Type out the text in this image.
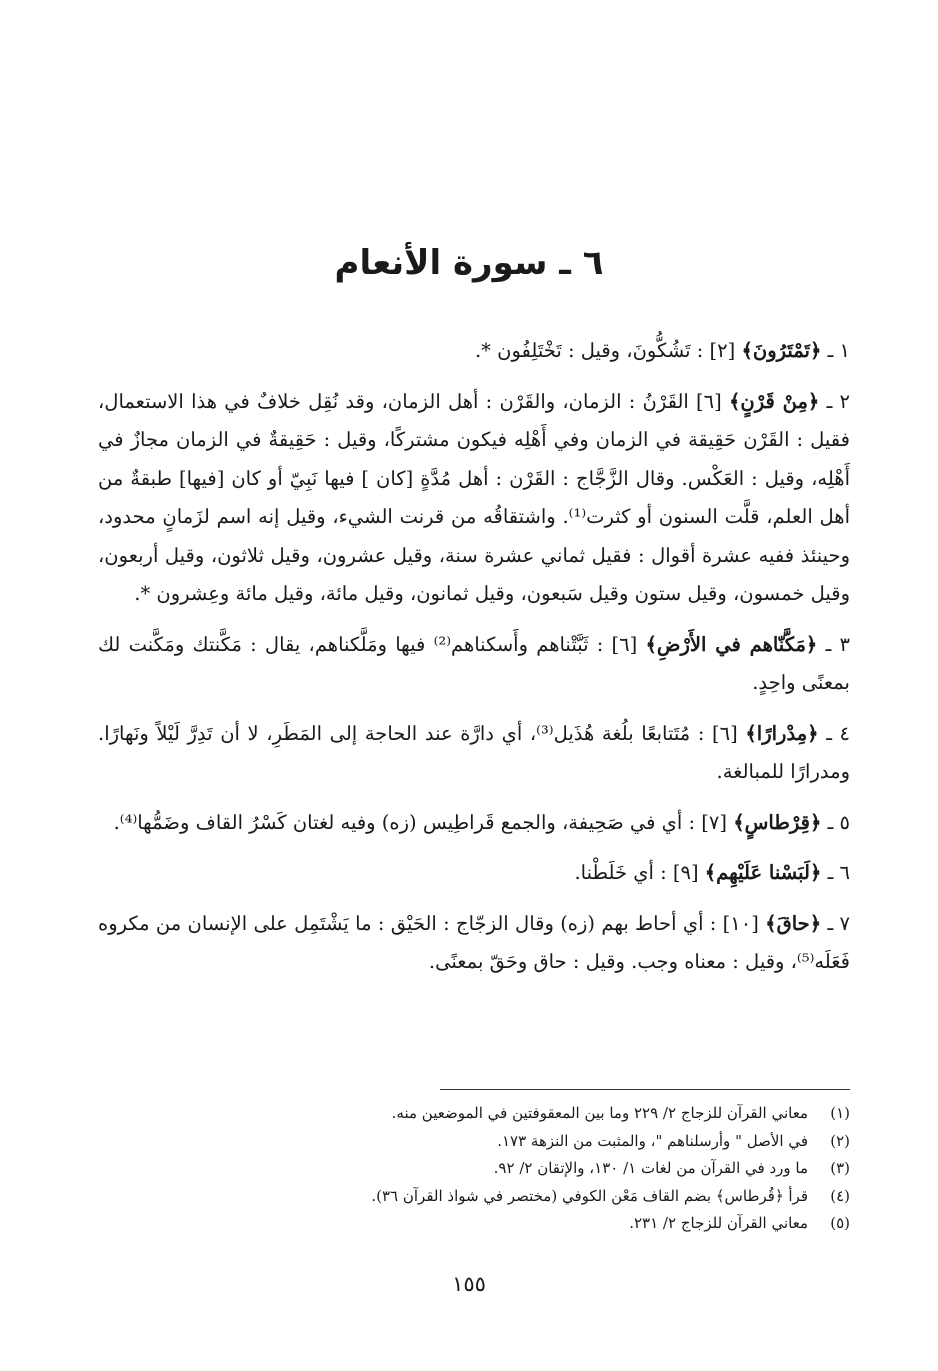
٦ ـ سورة الأنعام

١ ـ ﴿تَمْتَرُونَ﴾ [٢] : تَشُكُّونَ، وقيل : تَخْتَلِفُون *.

٢ ـ ﴿مِنْ قَرْنٍ﴾ [٦] القَرْنُ : الزمان، والقَرْن : أهل الزمان، وقد نُقِل خلافٌ في هذا الاستعمال، فقيل : القَرْن حَقِيقة في الزمان وفي أَهْلِه فيكون مشتركًا، وقيل : حَقِيقةٌ في الزمان مجازٌ في أَهْلِه، وقيل : العَكْس. وقال الزَّجَّاج : القَرْن : أهل مُدَّةٍ [كان ] فيها نَبِيّ أو كان [فيها] طبقةٌ من أهل العلم، قلَّت السنون أو كثرت⁽¹⁾. واشتقاقُه من قرنت الشيء، وقيل إنه اسم لزَمانٍ محدود، وحينئذ ففيه عشرة أقوال : فقيل ثماني عشرة سنة، وقيل عشرون، وقيل ثلاثون، وقيل أربعون، وقيل خمسون، وقيل ستون وقيل سَبعون، وقيل ثمانون، وقيل مائة، وقيل مائة وعِشرون *.

٣ ـ ﴿مَكَّنّاهم في الأَرْضِ﴾ [٦] : ثَبَّتْناهم وأَسكناهم⁽²⁾ فيها ومَلَّكناهم، يقال : مَكَّنتك ومَكَّنت لك بمعنًى واحِدٍ.

٤ ـ ﴿مِدْرارًا﴾ [٦] : مُتَتابعًا بلُغة هُذَيل⁽³⁾، أي دارَّة عند الحاجة إلى المَطَرِ، لا أن تَدِرَّ لَيْلاً ونَهارًا. ومدرارًا للمبالغة.

٥ ـ ﴿قِرْطاسٍ﴾ [٧] : أي في صَحِيفة، والجمع قَراطِيس (زه) وفيه لغتان كَسْرُ القاف وضَمُّها⁽⁴⁾.

٦ ـ ﴿لَبَسْنا عَلَيْهِم﴾ [٩] : أي خَلَطْنا.

٧ ـ ﴿حاقَ﴾ [١٠] : أي أحاط بهم (زه) وقال الزجّاج : الحَيْق : ما يَشْتَمِل على الإنسان من مكروه فَعَلَه⁽⁵⁾، وقيل : معناه وجب. وقيل : حاق وحَقّ بمعنًى.

(١)
معاني القرآن للزجاج ٢/ ٢٢٩ وما بين المعقوفتين في الموضعين منه.
(٢)
في الأصل " وأرسلناهم "، والمثبت من النزهة ١٧٣.
(٣)
ما ورد في القرآن من لغات ١/ ١٣٠، والإتقان ٢/ ٩٢.
(٤)
قرأ ﴿قُرطاس﴾ بضم القاف مَعْن الكوفي (مختصر في شواذ القرآن ٣٦).
(٥)
معاني القرآن للزجاج ٢/ ٢٣١.
١٥٥
